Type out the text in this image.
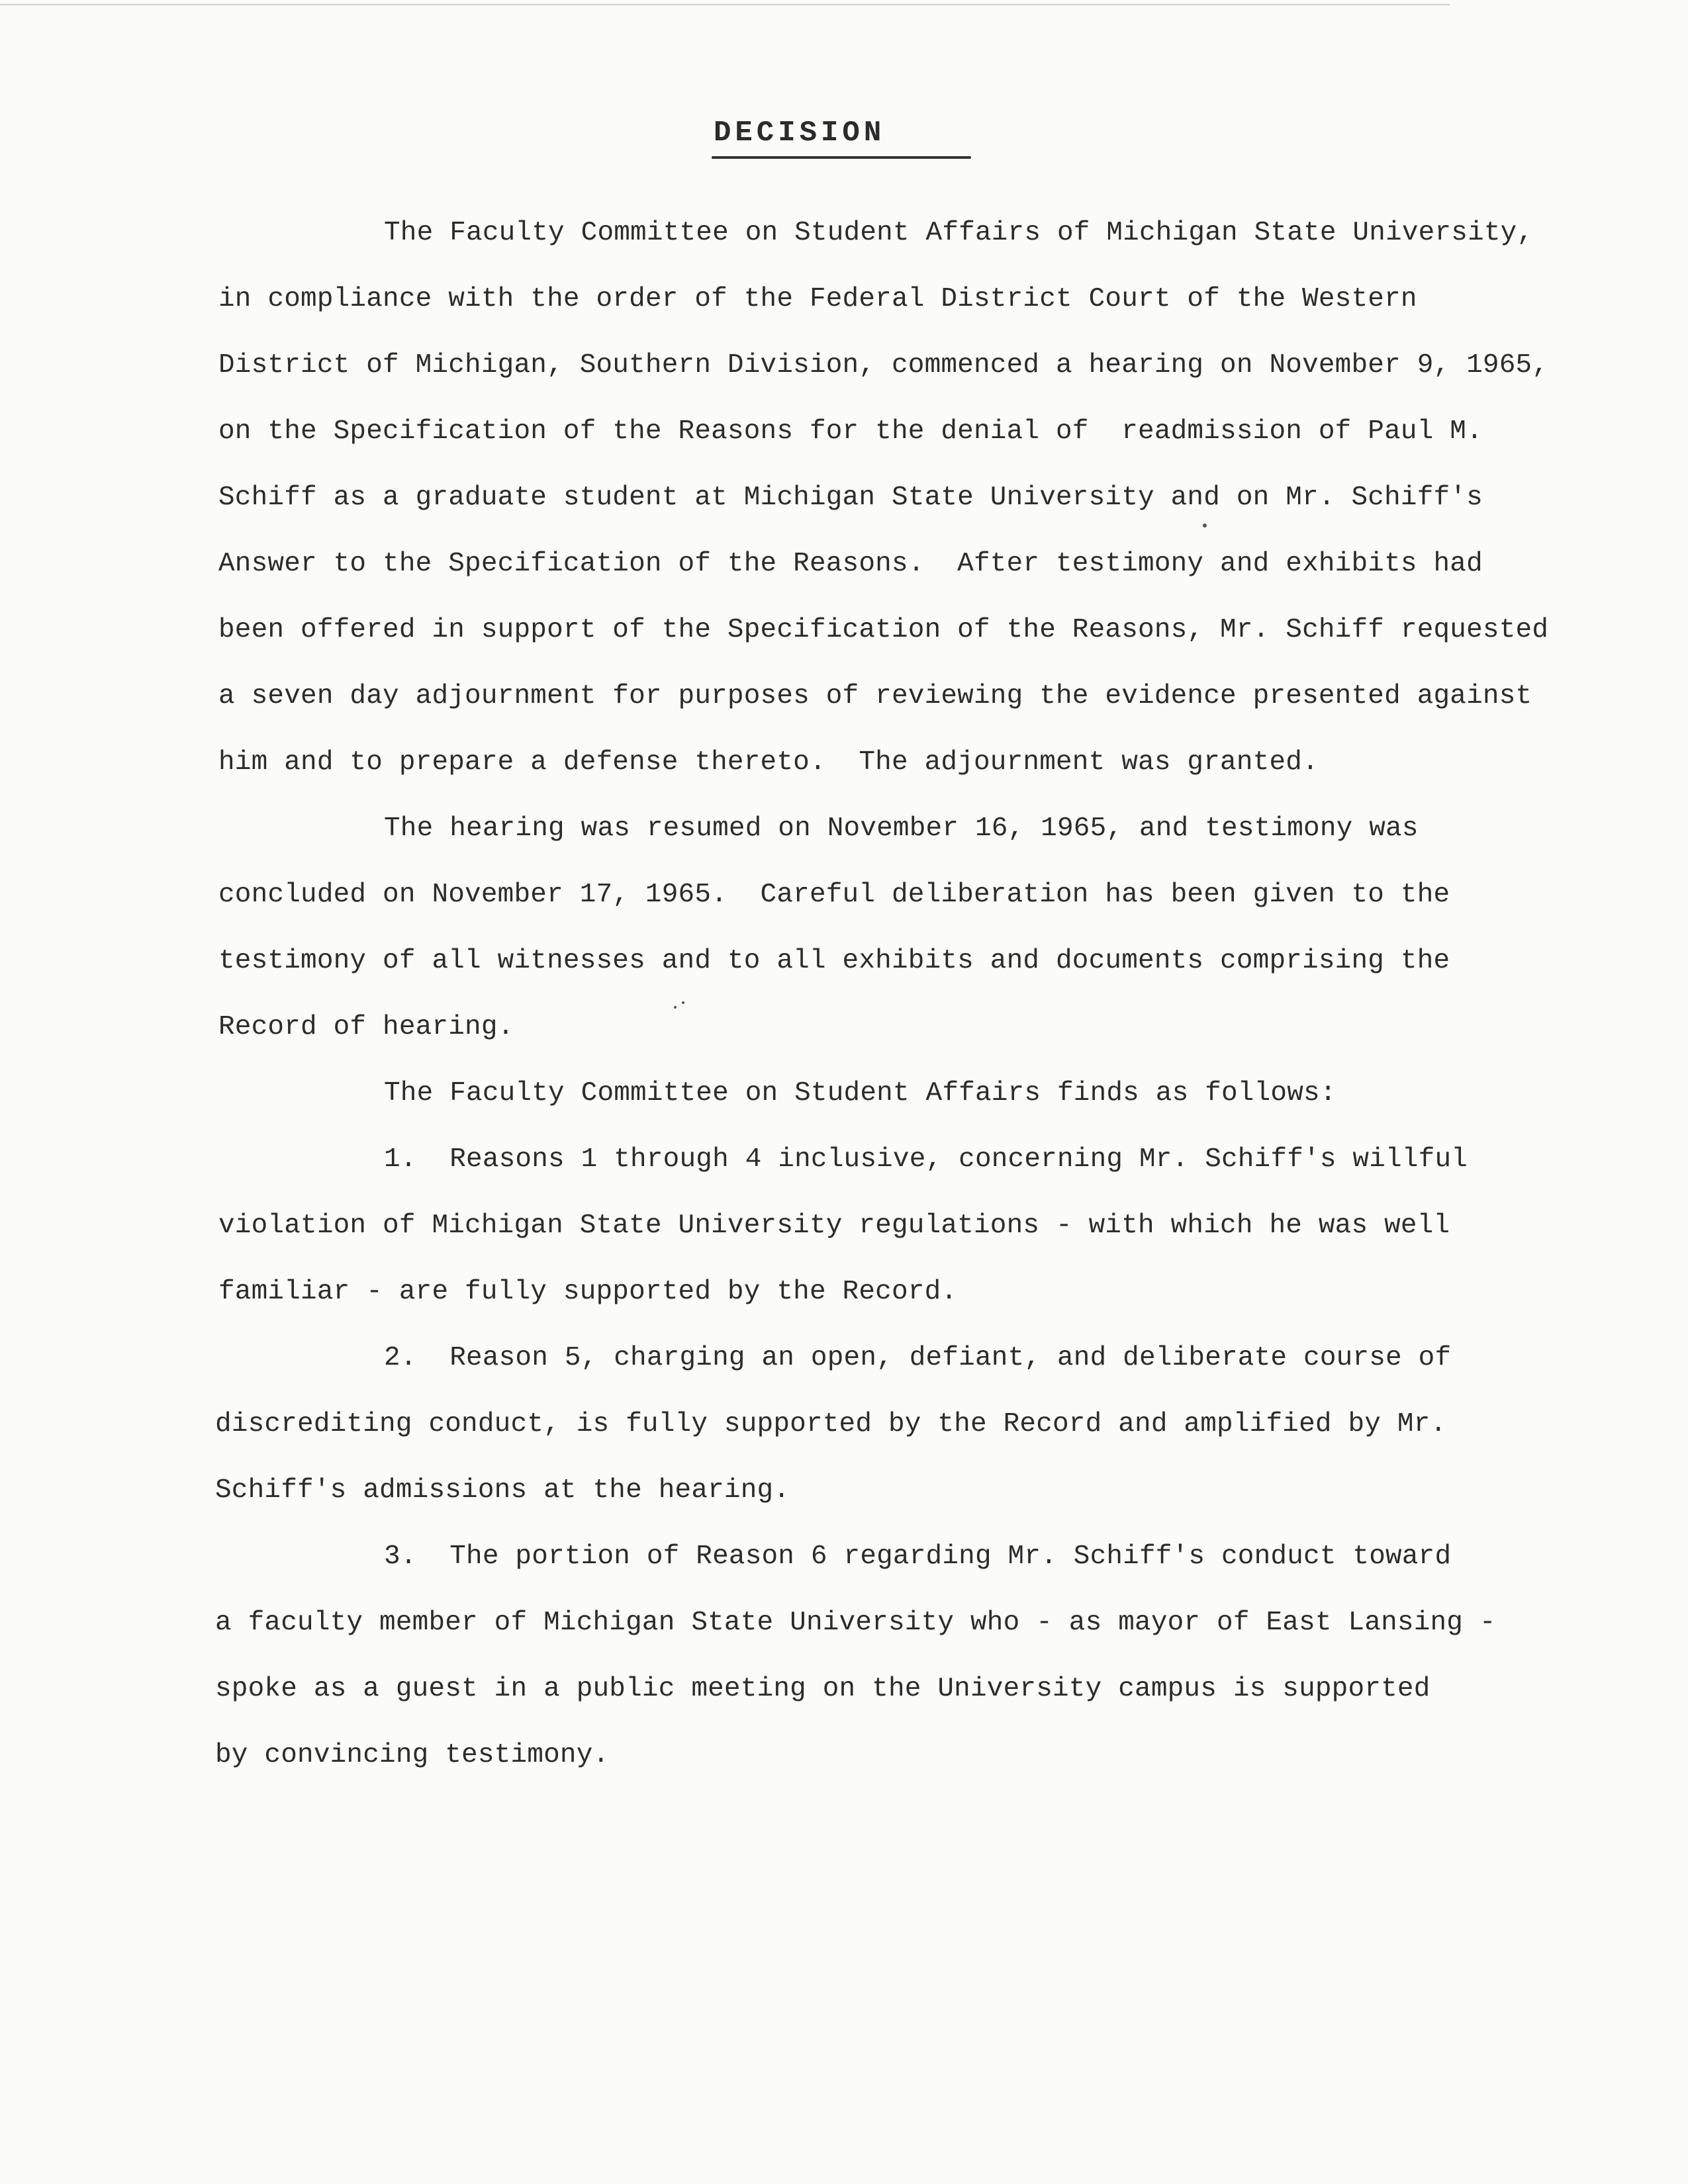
DECISION
The Faculty Committee on Student Affairs of Michigan State University,
in compliance with the order of the Federal District Court of the Western
District of Michigan, Southern Division, commenced a hearing on November 9, 1965,
on the Specification of the Reasons for the denial of  readmission of Paul M.
Schiff as a graduate student at Michigan State University and on Mr. Schiff's
Answer to the Specification of the Reasons.  After testimony and exhibits had
been offered in support of the Specification of the Reasons, Mr. Schiff requested
a seven day adjournment for purposes of reviewing the evidence presented against
him and to prepare a defense thereto.  The adjournment was granted.
The hearing was resumed on November 16, 1965, and testimony was
concluded on November 17, 1965.  Careful deliberation has been given to the
testimony of all witnesses and to all exhibits and documents comprising the
Record of hearing.
The Faculty Committee on Student Affairs finds as follows:
1.  Reasons 1 through 4 inclusive, concerning Mr. Schiff's willful
violation of Michigan State University regulations - with which he was well
familiar - are fully supported by the Record.
2.  Reason 5, charging an open, defiant, and deliberate course of
discrediting conduct, is fully supported by the Record and amplified by Mr.
Schiff's admissions at the hearing.
3.  The portion of Reason 6 regarding Mr. Schiff's conduct toward
a faculty member of Michigan State University who - as mayor of East Lansing -
spoke as a guest in a public meeting on the University campus is supported
by convincing testimony.
